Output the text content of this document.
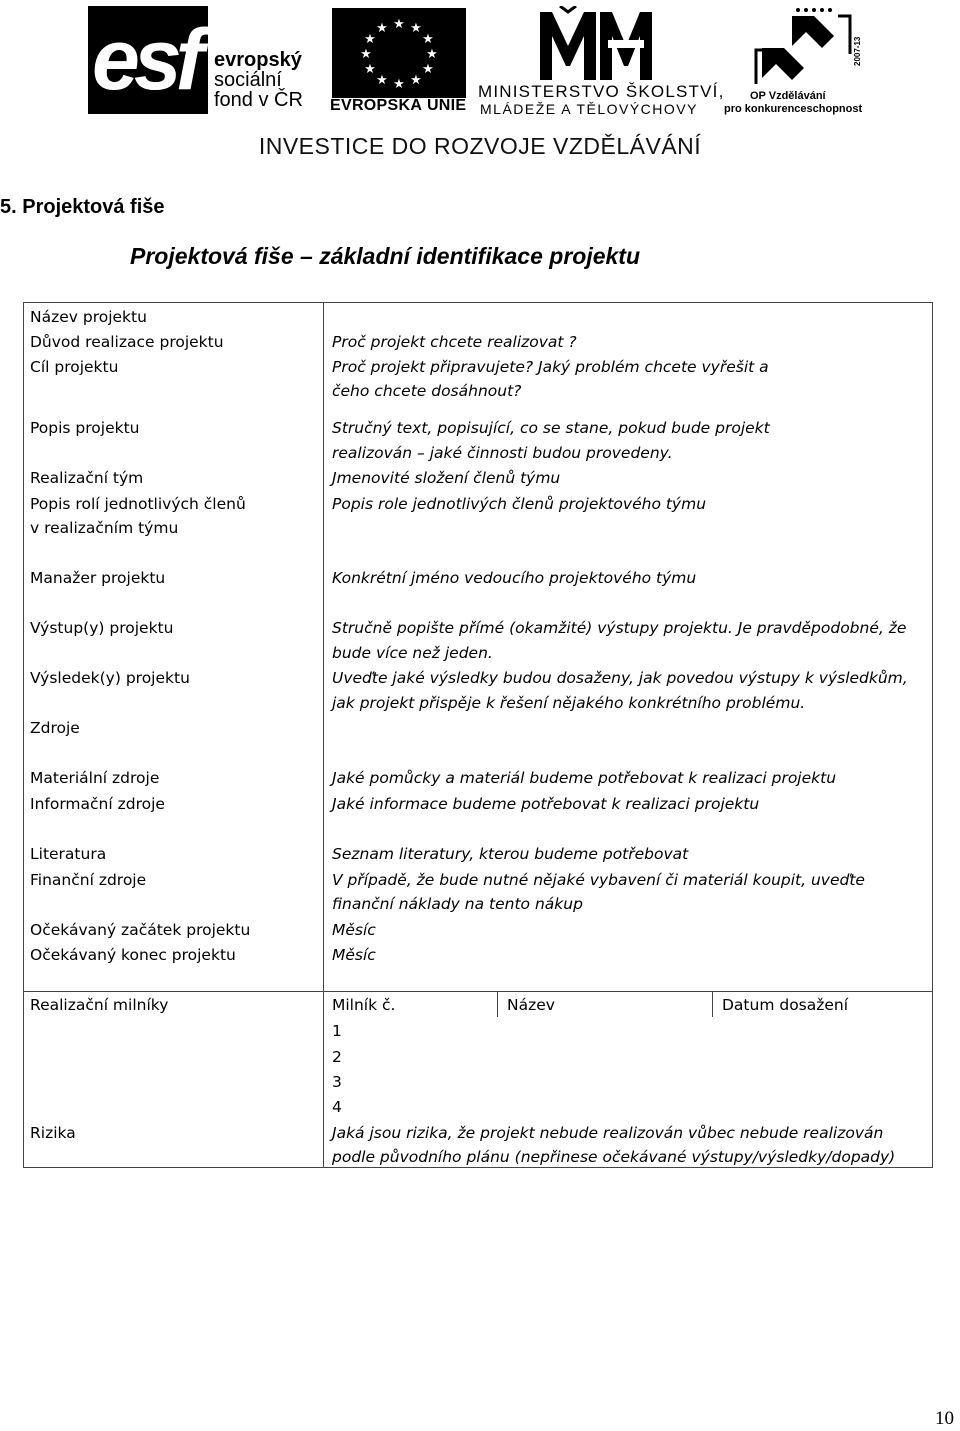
esf evropský
sociální
fond v ČR
★ ★
★
★
★
★
★
★
★
★
★
★
EVROPSKÁ UNIE
MINISTERSTVO ŠKOLSTVÍ,
MLÁDEŽE A TĚLOVÝCHOVY
2007-13
OP Vzdělávání
pro konkurenceschopnost
INVESTICE DO ROZVOJE VZDĚLÁVÁNÍ
5. Projektová fiše
Projektová fiše – základní identifikace projektu
Název projektu
Důvod realizace projektu
Cíl projektu
Popis projektu
Realizační tým
Popis rolí jednotlivých členů
v realizačním týmu
Manažer projektu
Výstup(y) projektu
Výsledek(y) projektu
Zdroje
Materiální zdroje
Informační zdroje
Literatura
Finanční zdroje
Očekávaný začátek projektu
Očekávaný konec projektu
Realizační milníky
Rizika
Proč projekt chcete realizovat ?
Proč projekt připravujete? Jaký problém chcete vyřešit a
čeho chcete dosáhnout?
Stručný text, popisující, co se stane, pokud bude projekt
realizován – jaké činnosti budou provedeny.
Jmenovité složení členů týmu
Popis role jednotlivých členů projektového týmu
Konkrétní jméno vedoucího projektového týmu
Stručně popište přímé (okamžité) výstupy projektu. Je pravděpodobné, že
bude více než jeden.
Uveďte jaké výsledky budou dosaženy, jak povedou výstupy k výsledkům,
jak projekt přispěje k řešení nějakého konkrétního problému.
Jaké pomůcky a materiál budeme potřebovat k realizaci projektu
Jaké informace budeme potřebovat k realizaci projektu
Seznam literatury, kterou budeme potřebovat
V případě, že bude nutné nějaké vybavení či materiál koupit, uveďte
finanční náklady na tento nákup
Měsíc
Měsíc
Milník č.	Název	Datum dosažení
1
2
3
4
Jaká jsou rizika, že projekt nebude realizován vůbec nebude realizován
podle původního plánu (nepřinese očekávané výstupy/výsledky/dopady)
10
